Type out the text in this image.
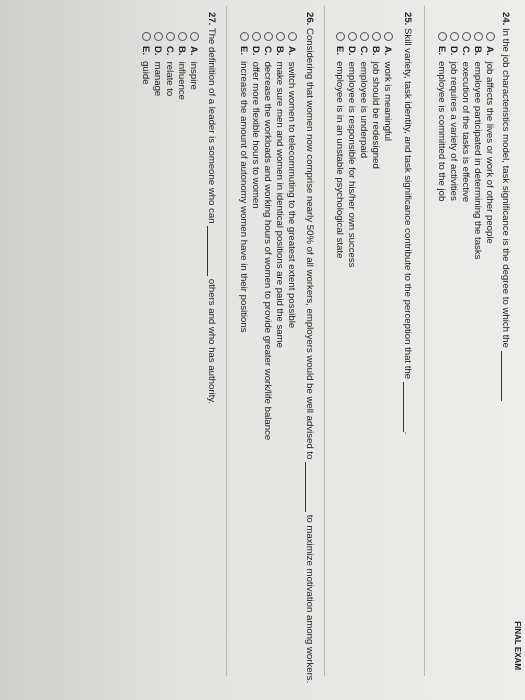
FINAL EXAM
24. In the job characteristics model, task significance is the degree to which the
A.job affects the lives or work of other people
B.employee participated in determining the tasks
C.execution of the tasks is effective
D.job requires a variety of activities
E.employee is committed to the job
25. Skill variety, task identity, and task significance contribute to the perception that the .
A.work is meaningful
B.job should be redesigned
C.employee is underpaid
D.employee is responsible for his/her own success
E.employee is in an unstable psychological state
26. Considering that women now comprise nearly 50% of all workers, employers would be well advised to  to maximize motivation among workers.
A.switch women to telecommuting to the greatest extent possible
B.make sure men and women in identical positions are paid the same
C.decrease the workloads and working hours of women to provide greater work/life balance
D.offer more flexible hours to women
E.increase the amount of autonomy women have in their positions
27. The definition of a leader is someone who can  others and who has authority.
A.inspire
B.influence
C.relate to
D.manage
E.guide
